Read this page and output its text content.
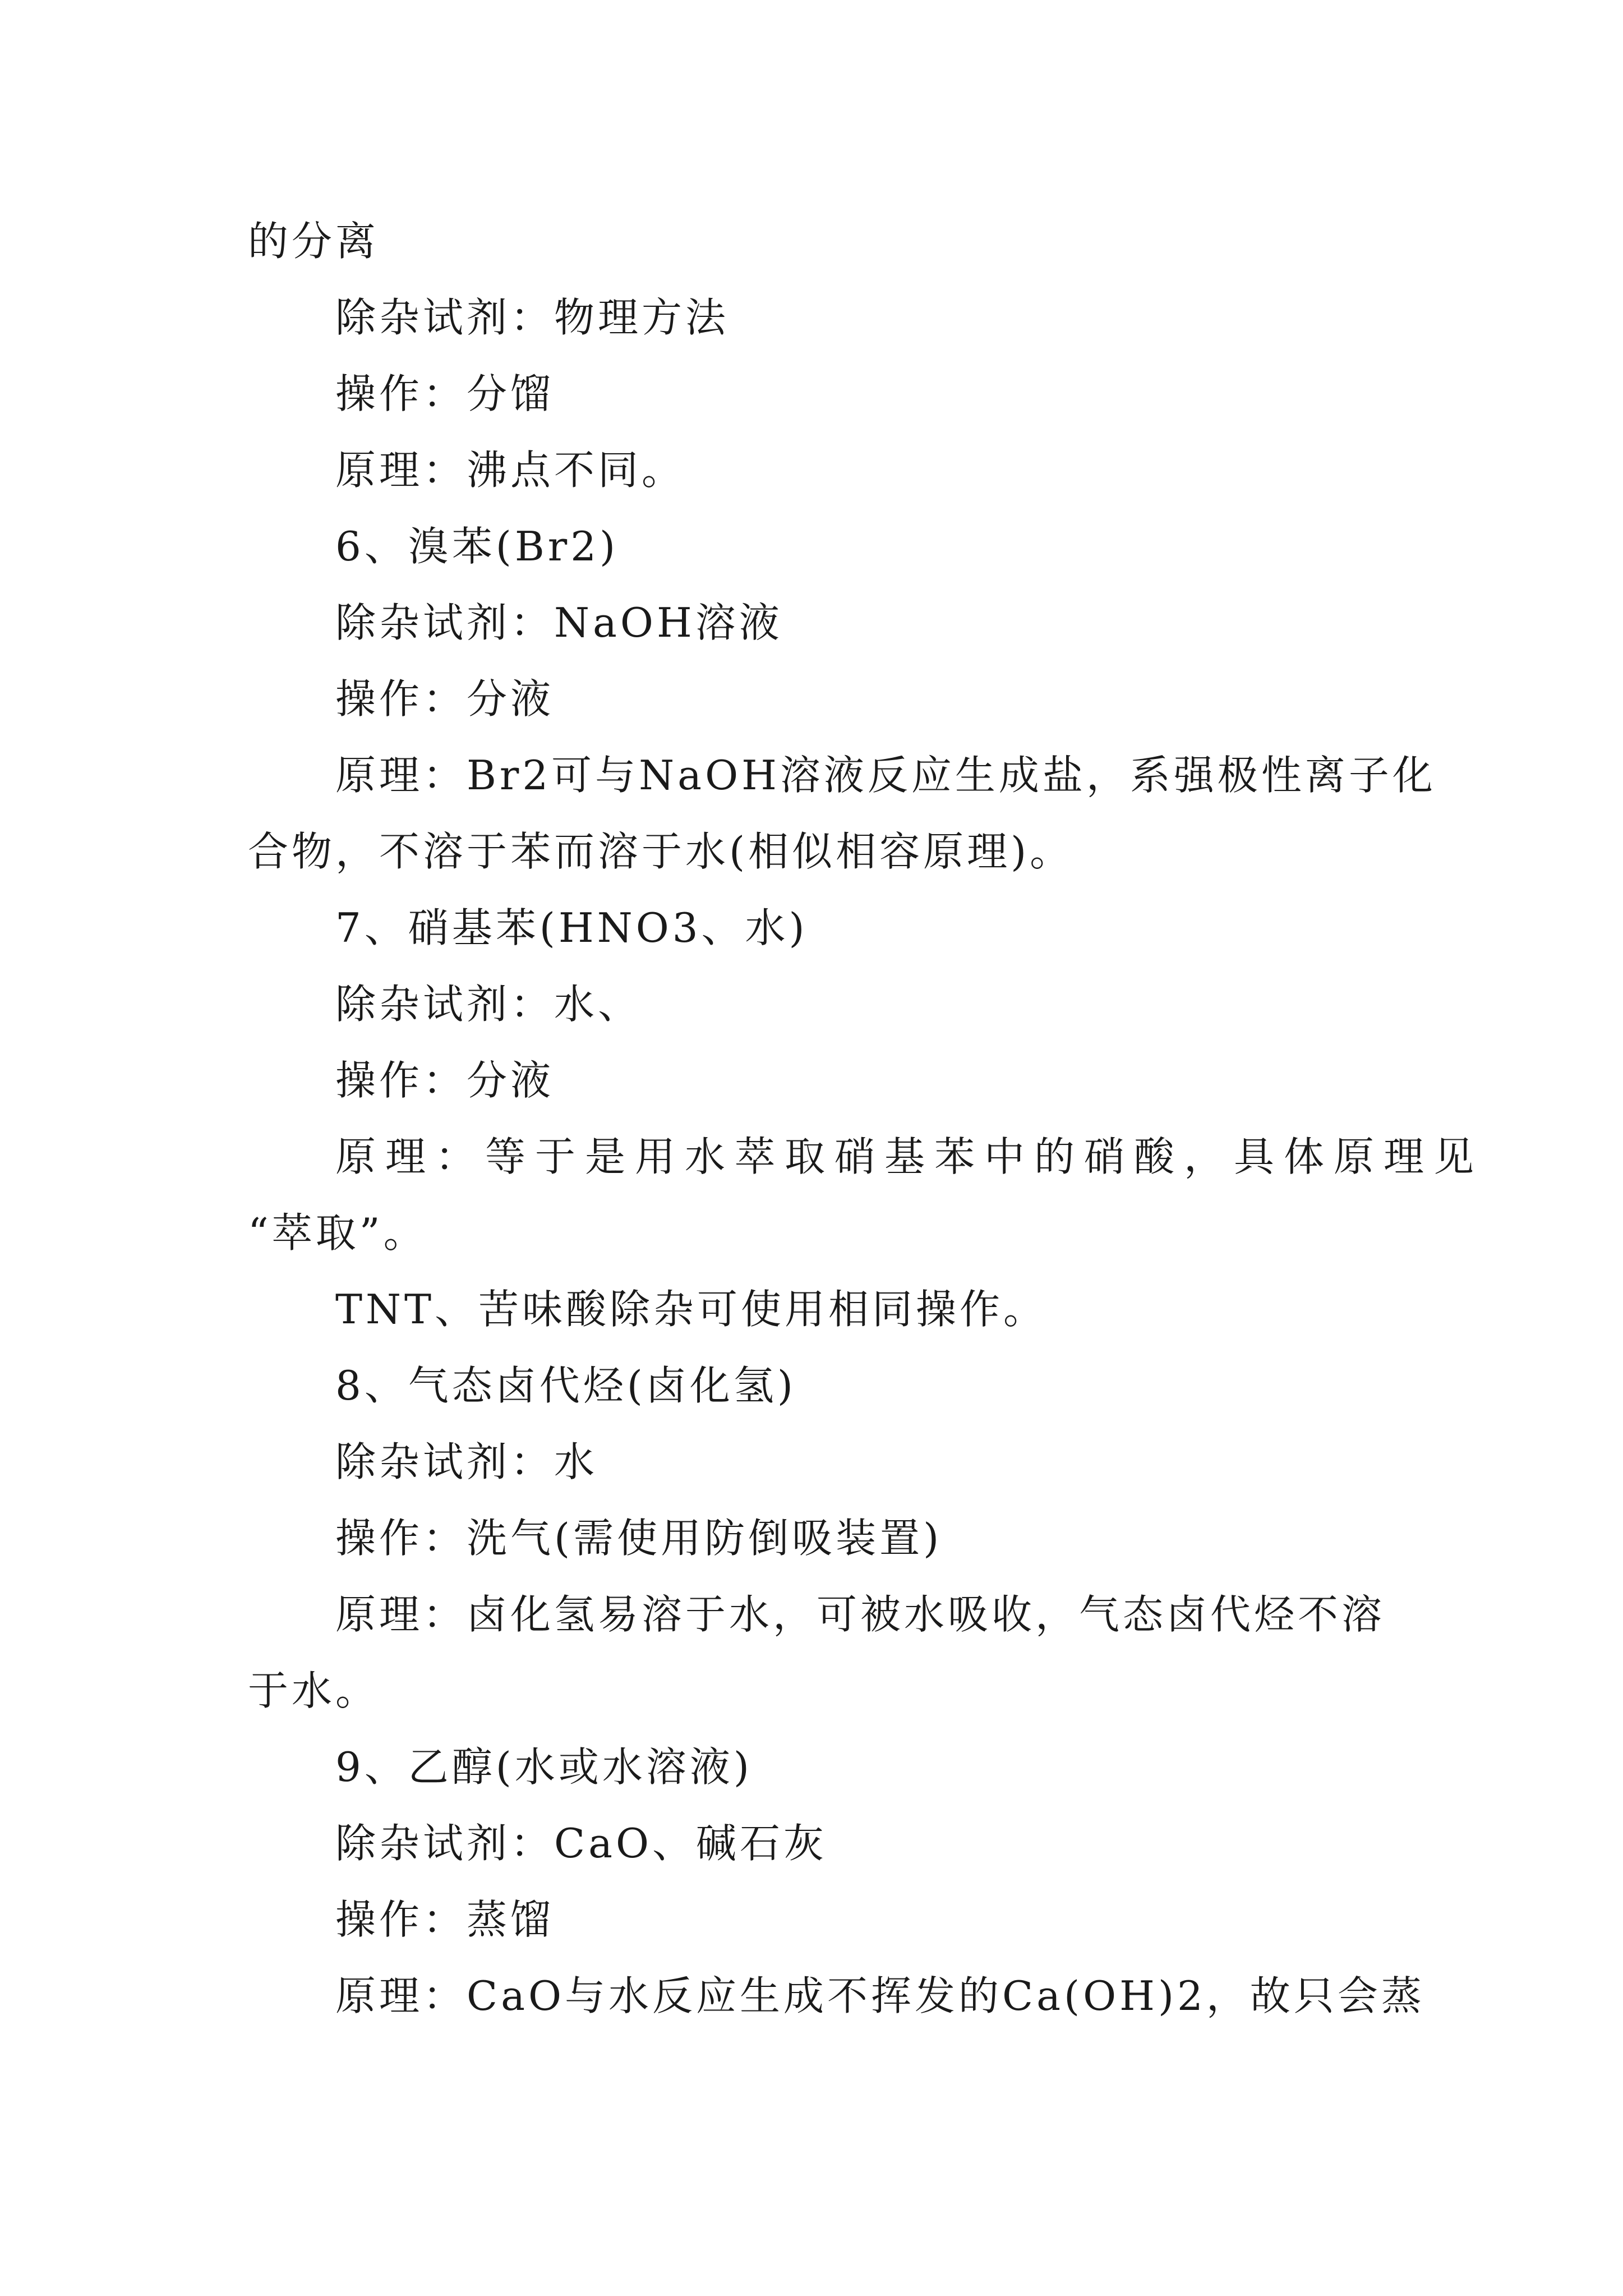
的分离

除杂试剂：物理方法

操作：分馏

原理：沸点不同。

6、溴苯(Br2)

除杂试剂：NaOH溶液

操作：分液

原理：Br2可与NaOH溶液反应生成盐，系强极性离子化

合物，不溶于苯而溶于水(相似相容原理)。

7、硝基苯(HNO3、水)

除杂试剂：水、

操作：分液

原理：等于是用水萃取硝基苯中的硝酸，具体原理见

“萃取”。

TNT、苦味酸除杂可使用相同操作。

8、气态卤代烃(卤化氢)

除杂试剂：水

操作：洗气(需使用防倒吸装置)

原理：卤化氢易溶于水，可被水吸收，气态卤代烃不溶

于水。

9、乙醇(水或水溶液)

除杂试剂：CaO、碱石灰

操作：蒸馏

原理：CaO与水反应生成不挥发的Ca(OH)2，故只会蒸
